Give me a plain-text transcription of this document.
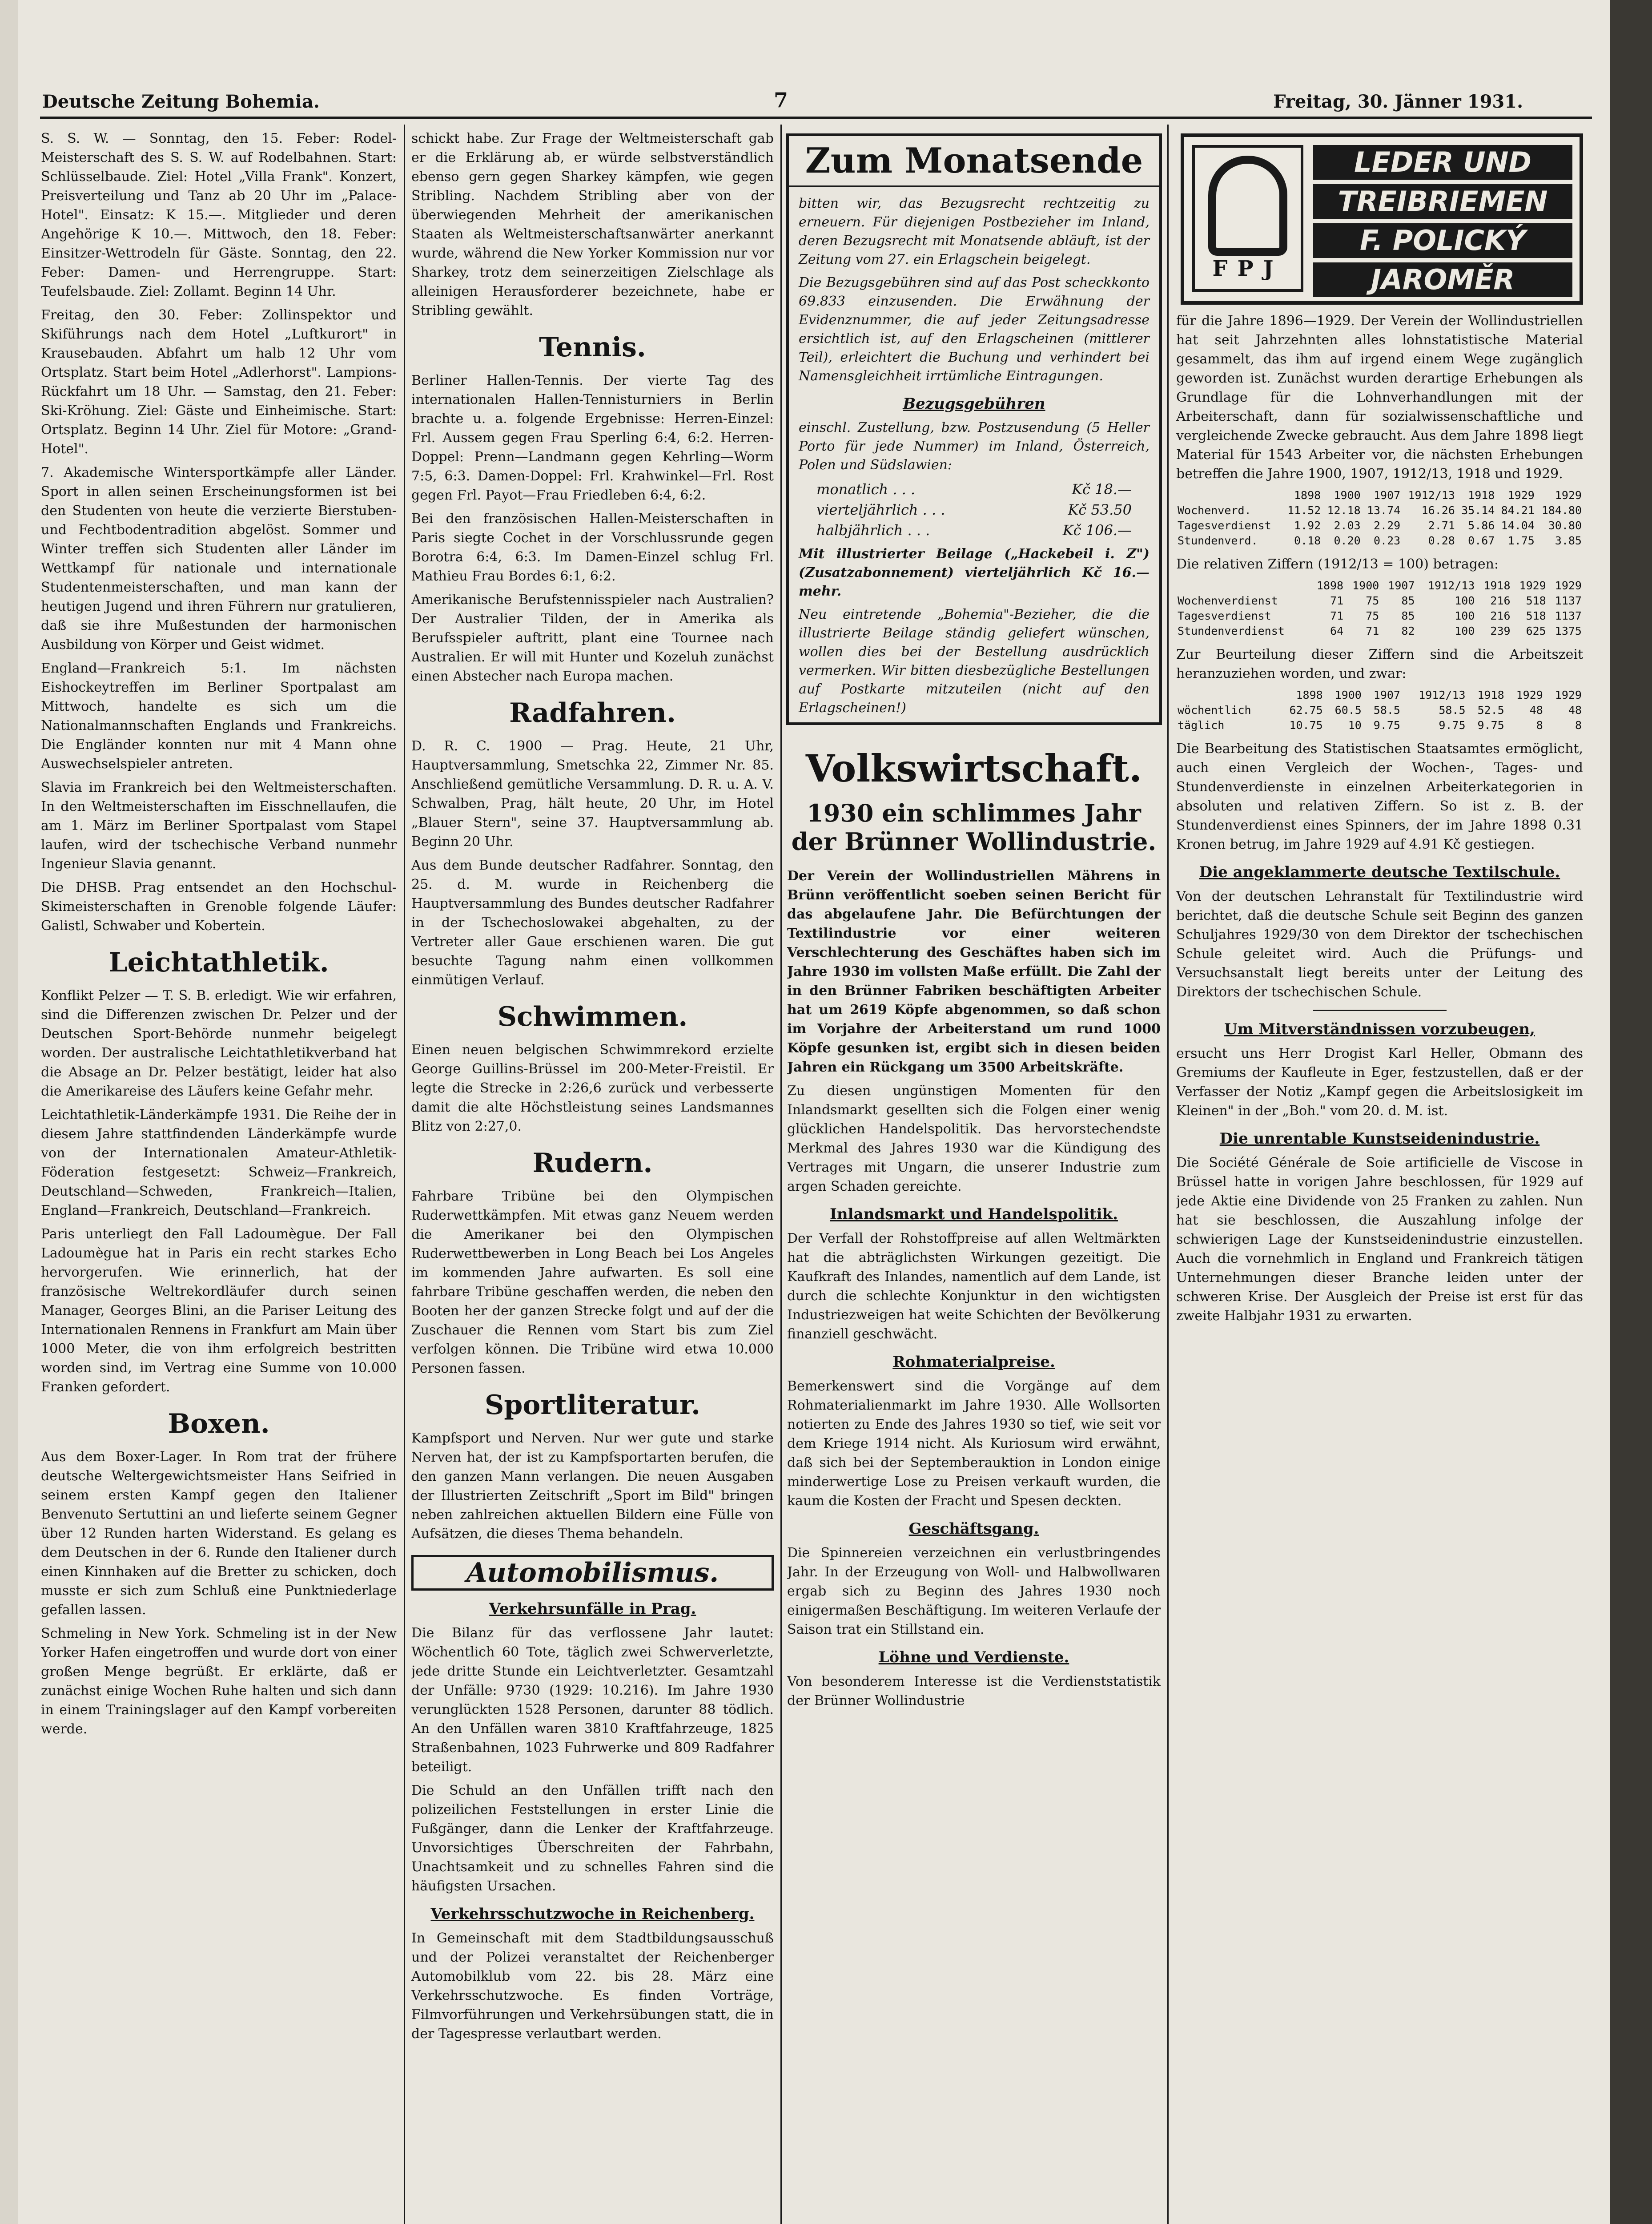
Deutsche Zeitung Bohemia.	7	Freitag, 30. Jänner 1931.

S. S. W. — Sonntag, den 15. Feber: Rodel-Meisterschaft des S. S. W. auf Rodelbahnen. Start: Schlüsselbaude. Ziel: Hotel „Villa Frank". Konzert, Preisverteilung und Tanz ab 20 Uhr im „Palace-Hotel". Einsatz: K 15.—. Mitglieder und deren Angehörige K 10.—. Mittwoch, den 18. Feber: Einsitzer-Wettrodeln für Gäste. Sonntag, den 22. Feber: Damen- und Herrengruppe. Start: Teufelsbaude. Ziel: Zollamt. Beginn 14 Uhr.

Freitag, den 30. Feber: Zollinspektor und Skiführungs nach dem Hotel „Luftkurort" in Krausebauden. Abfahrt um halb 12 Uhr vom Ortsplatz. Start beim Hotel „Adlerhorst". Lampions-Rückfahrt um 18 Uhr. — Samstag, den 21. Feber: Ski-Kröhung. Ziel: Gäste und Einheimische. Start: Ortsplatz. Beginn 14 Uhr. Ziel für Motore: „Grand-Hotel".

7. Akademische Wintersportkämpfe aller Länder. Sport in allen seinen Erscheinungsformen ist bei den Studenten von heute die verzierte Bierstuben- und Fechtbodentradition abgelöst. Sommer und Winter treffen sich Studenten aller Länder im Wettkampf für nationale und internationale Studentenmeisterschaften, und man kann der heutigen Jugend und ihren Führern nur gratulieren, daß sie ihre Mußestunden der harmonischen Ausbildung von Körper und Geist widmet.

England—Frankreich 5:1. Im nächsten Eishockeytreffen im Berliner Sportpalast am Mittwoch, handelte es sich um die Nationalmannschaften Englands und Frankreichs. Die Engländer konnten nur mit 4 Mann ohne Auswechselspieler antreten.

Slavia im Frankreich bei den Weltmeisterschaften. In den Weltmeisterschaften im Eisschnellaufen, die am 1. März im Berliner Sportpalast vom Stapel laufen, wird der tschechische Verband nunmehr Ingenieur Slavia genannt.

Die DHSB. Prag entsendet an den Hochschul-Skimeisterschaften in Grenoble folgende Läufer: Galistl, Schwaber und Kobertein.

Leichtathletik.

Konflikt Pelzer — T. S. B. erledigt. Wie wir erfahren, sind die Differenzen zwischen Dr. Pelzer und der Deutschen Sport-Behörde nunmehr beigelegt worden. Der australische Leichtathletikverband hat die Absage an Dr. Pelzer bestätigt, leider hat also die Amerikareise des Läufers keine Gefahr mehr.

Leichtathletik-Länderkämpfe 1931. Die Reihe der in diesem Jahre stattfindenden Länderkämpfe wurde von der Internationalen Amateur-Athletik-Föderation festgesetzt: Schweiz—Frankreich, Deutschland—Schweden, Frankreich—Italien, England—Frankreich, Deutschland—Frankreich.

Paris unterliegt den Fall Ladoumègue. Der Fall Ladoumègue hat in Paris ein recht starkes Echo hervorgerufen. Wie erinnerlich, hat der französische Weltrekordläufer durch seinen Manager, Georges Blini, an die Pariser Leitung des Internationalen Rennens in Frankfurt am Main über 1000 Meter, die von ihm erfolgreich bestritten worden sind, im Vertrag eine Summe von 10.000 Franken gefordert.

Boxen.

Aus dem Boxer-Lager. In Rom trat der frühere deutsche Weltergewichtsmeister Hans Seifried in seinem ersten Kampf gegen den Italiener Benvenuto Sertuttini an und lieferte seinem Gegner über 12 Runden harten Widerstand. Es gelang es dem Deutschen in der 6. Runde den Italiener durch einen Kinnhaken auf die Bretter zu schicken, doch musste er sich zum Schluß eine Punktniederlage gefallen lassen.

Schmeling in New York. Schmeling ist in der New Yorker Hafen eingetroffen und wurde dort von einer großen Menge begrüßt. Er erklärte, daß er zunächst einige Wochen Ruhe halten und sich dann in einem Trainingslager auf den Kampf vorbereiten werde.

schickt habe. Zur Frage der Weltmeisterschaft gab er die Erklärung ab, er würde selbstverständlich ebenso gern gegen Sharkey kämpfen, wie gegen Stribling. Nachdem Stribling aber von der überwiegenden Mehrheit der amerikanischen Staaten als Weltmeisterschaftsanwärter anerkannt wurde, während die New Yorker Kommission nur vor Sharkey, trotz dem seinerzeitigen Zielschlage als alleinigen Herausforderer bezeichnete, habe er Stribling gewählt.

Tennis.

Berliner Hallen-Tennis. Der vierte Tag des internationalen Hallen-Tennisturniers in Berlin brachte u. a. folgende Ergebnisse: Herren-Einzel: Frl. Aussem gegen Frau Sperling 6:4, 6:2. Herren-Doppel: Prenn—Landmann gegen Kehrling—Worm 7:5, 6:3. Damen-Doppel: Frl. Krahwinkel—Frl. Rost gegen Frl. Payot—Frau Friedleben 6:4, 6:2.

Bei den französischen Hallen-Meisterschaften in Paris siegte Cochet in der Vorschlussrunde gegen Borotra 6:4, 6:3. Im Damen-Einzel schlug Frl. Mathieu Frau Bordes 6:1, 6:2.

Amerikanische Berufstennisspieler nach Australien? Der Australier Tilden, der in Amerika als Berufsspieler auftritt, plant eine Tournee nach Australien. Er will mit Hunter und Kozeluh zunächst einen Abstecher nach Europa machen.

Radfahren.

D. R. C. 1900 — Prag. Heute, 21 Uhr, Hauptversammlung, Smetschka 22, Zimmer Nr. 85. Anschließend gemütliche Versammlung. D. R. u. A. V. Schwalben, Prag, hält heute, 20 Uhr, im Hotel „Blauer Stern", seine 37. Hauptversammlung ab. Beginn 20 Uhr.

Aus dem Bunde deutscher Radfahrer. Sonntag, den 25. d. M. wurde in Reichenberg die Hauptversammlung des Bundes deutscher Radfahrer in der Tschechoslowakei abgehalten, zu der Vertreter aller Gaue erschienen waren. Die gut besuchte Tagung nahm einen vollkommen einmütigen Verlauf.

Schwimmen.

Einen neuen belgischen Schwimmrekord erzielte George Guillins-Brüssel im 200-Meter-Freistil. Er legte die Strecke in 2:26,6 zurück und verbesserte damit die alte Höchstleistung seines Landsmannes Blitz von 2:27,0.

Rudern.

Fahrbare Tribüne bei den Olympischen Ruderwettkämpfen. Mit etwas ganz Neuem werden die Amerikaner bei den Olympischen Ruderwettbewerben in Long Beach bei Los Angeles im kommenden Jahre aufwarten. Es soll eine fahrbare Tribüne geschaffen werden, die neben den Booten her der ganzen Strecke folgt und auf der die Zuschauer die Rennen vom Start bis zum Ziel verfolgen können. Die Tribüne wird etwa 10.000 Personen fassen.

Sportliteratur.

Kampfsport und Nerven. Nur wer gute und starke Nerven hat, der ist zu Kampfsportarten berufen, die den ganzen Mann verlangen. Die neuen Ausgaben der Illustrierten Zeitschrift „Sport im Bild" bringen neben zahlreichen aktuellen Bildern eine Fülle von Aufsätzen, die dieses Thema behandeln.

Automobilismus.
Verkehrsunfälle in Prag.

Die Bilanz für das verflossene Jahr lautet: Wöchentlich 60 Tote, täglich zwei Schwerverletzte, jede dritte Stunde ein Leichtverletzter. Gesamtzahl der Unfälle: 9730 (1929: 10.216). Im Jahre 1930 verunglückten 1528 Personen, darunter 88 tödlich. An den Unfällen waren 3810 Kraftfahrzeuge, 1825 Straßenbahnen, 1023 Fuhrwerke und 809 Radfahrer beteiligt.

Die Schuld an den Unfällen trifft nach den polizeilichen Feststellungen in erster Linie die Fußgänger, dann die Lenker der Kraftfahrzeuge. Unvorsichtiges Überschreiten der Fahrbahn, Unachtsamkeit und zu schnelles Fahren sind die häufigsten Ursachen.

Verkehrsschutzwoche in Reichenberg.

In Gemeinschaft mit dem Stadtbildungsausschuß und der Polizei veranstaltet der Reichenberger Automobilklub vom 22. bis 28. März eine Verkehrsschutzwoche. Es finden Vorträge, Filmvorführungen und Verkehrsübungen statt, die in der Tagespresse verlautbart werden.

Zum Monatsende

bitten wir, das Bezugsrecht rechtzeitig zu erneuern. Für diejenigen Postbezieher im Inland, deren Bezugsrecht mit Monatsende abläuft, ist der Zeitung vom 27. ein Erlagschein beigelegt.

Die Bezugsgebühren sind auf das Post scheckkonto 69.833 einzusenden. Die Erwähnung der Evidenznummer, die auf jeder Zeitungsadresse ersichtlich ist, auf den Erlagscheinen (mittlerer Teil), erleichtert die Buchung und verhindert bei Namensgleichheit irrtümliche Eintragungen.

Bezugsgebühren

einschl. Zustellung, bzw. Postzusendung (5 Heller Porto für jede Nummer) im Inland, Österreich, Polen und Südslawien:

monatlich . . .	Kč 18.—
vierteljährlich . . .	Kč 53.50
halbjährlich . . .	Kč 106.—

Mit illustrierter Beilage („Hackebeil i. Z") (Zusatzabonnement) vierteljährlich Kč 16.— mehr.

Neu eintretende „Bohemia"-Bezieher, die die illustrierte Beilage ständig geliefert wünschen, wollen dies bei der Bestellung ausdrücklich vermerken. Wir bitten diesbezügliche Bestellungen auf Postkarte mitzuteilen (nicht auf den Erlagscheinen!)

Volkswirtschaft.
1930 ein schlimmes Jahr der Brünner Wollindustrie.

Der Verein der Wollindustriellen Mährens in Brünn veröffentlicht soeben seinen Bericht für das abgelaufene Jahr. Die Befürchtungen der Textilindustrie vor einer weiteren Verschlechterung des Geschäftes haben sich im Jahre 1930 im vollsten Maße erfüllt. Die Zahl der in den Brünner Fabriken beschäftigten Arbeiter hat um 2619 Köpfe abgenommen, so daß schon im Vorjahre der Arbeiterstand um rund 1000 Köpfe gesunken ist, ergibt sich in diesen beiden Jahren ein Rückgang um 3500 Arbeitskräfte.

Zu diesen ungünstigen Momenten für den Inlandsmarkt gesellten sich die Folgen einer wenig glücklichen Handelspolitik. Das hervorstechendste Merkmal des Jahres 1930 war die Kündigung des Vertrages mit Ungarn, die unserer Industrie zum argen Schaden gereichte.

Inlandsmarkt und Handelspolitik.

Der Verfall der Rohstoffpreise auf allen Weltmärkten hat die abträglichsten Wirkungen gezeitigt. Die Kaufkraft des Inlandes, namentlich auf dem Lande, ist durch die schlechte Konjunktur in den wichtigsten Industriezweigen hat weite Schichten der Bevölkerung finanziell geschwächt.

Rohmaterialpreise.

Bemerkenswert sind die Vorgänge auf dem Rohmaterialienmarkt im Jahre 1930. Alle Wollsorten notierten zu Ende des Jahres 1930 so tief, wie seit vor dem Kriege 1914 nicht. Als Kuriosum wird erwähnt, daß sich bei der Septemberauktion in London einige minderwertige Lose zu Preisen verkauft wurden, die kaum die Kosten der Fracht und Spesen deckten.

Geschäftsgang.

Die Spinnereien verzeichnen ein verlustbringendes Jahr. In der Erzeugung von Woll- und Halbwollwaren ergab sich zu Beginn des Jahres 1930 noch einigermaßen Beschäftigung. Im weiteren Verlaufe der Saison trat ein Stillstand ein.

Löhne und Verdienste.

Von besonderem Interesse ist die Verdienststatistik der Brünner Wollindustrie

FPJ
LEDER UND
TREIBRIEMEN
F. POLICKÝ
JAROMĚR

für die Jahre 1896—1929. Der Verein der Wollindustriellen hat seit Jahrzehnten alles lohnstatistische Material gesammelt, das ihm auf irgend einem Wege zugänglich geworden ist. Zunächst wurden derartige Erhebungen als Grundlage für die Lohnverhandlungen mit der Arbeiterschaft, dann für sozialwissenschaftliche und vergleichende Zwecke gebraucht. Aus dem Jahre 1898 liegt Material für 1543 Arbeiter vor, die nächsten Erhebungen betreffen die Jahre 1900, 1907, 1912/13, 1918 und 1929.

	1898	1900	1907	1912/13	1918	1929	1929
Wochenverd.	11.52	12.18	13.74	16.26	35.14	84.21	184.80
Tagesverdienst	1.92	2.03	2.29	2.71	5.86	14.04	30.80
Stundenverd.	0.18	0.20	0.23	0.28	0.67	1.75	3.85

Die relativen Ziffern (1912/13 = 100) betragen:

	1898	1900	1907	1912/13	1918	1929	1929
Wochenverdienst	71	75	85	100	216	518	1137
Tagesverdienst	71	75	85	100	216	518	1137
Stundenverdienst	64	71	82	100	239	625	1375

Zur Beurteilung dieser Ziffern sind die Arbeitszeit heranzuziehen worden, und zwar:

	1898	1900	1907	1912/13	1918	1929	1929
wöchentlich	62.75	60.5	58.5	58.5	52.5	48	48
täglich	10.75	10	9.75	9.75	9.75	8	8

Die Bearbeitung des Statistischen Staatsamtes ermöglicht, auch einen Vergleich der Wochen-, Tages- und Stundenverdienste in einzelnen Arbeiterkategorien in absoluten und relativen Ziffern. So ist z. B. der Stundenverdienst eines Spinners, der im Jahre 1898 0.31 Kronen betrug, im Jahre 1929 auf 4.91 Kč gestiegen.

Die angeklammerte deutsche Textilschule.

Von der deutschen Lehranstalt für Textilindustrie wird berichtet, daß die deutsche Schule seit Beginn des ganzen Schuljahres 1929/30 von dem Direktor der tschechischen Schule geleitet wird. Auch die Prüfungs- und Versuchsanstalt liegt bereits unter der Leitung des Direktors der tschechischen Schule.

Um Mitverständnissen vorzubeugen,

ersucht uns Herr Drogist Karl Heller, Obmann des Gremiums der Kaufleute in Eger, festzustellen, daß er der Verfasser der Notiz „Kampf gegen die Arbeitslosigkeit im Kleinen" in der „Boh." vom 20. d. M. ist.

Die unrentable Kunstseidenindustrie.

Die Société Générale de Soie artificielle de Viscose in Brüssel hatte in vorigen Jahre beschlossen, für 1929 auf jede Aktie eine Dividende von 25 Franken zu zahlen. Nun hat sie beschlossen, die Auszahlung infolge der schwierigen Lage der Kunstseidenindustrie einzustellen. Auch die vornehmlich in England und Frankreich tätigen Unternehmungen dieser Branche leiden unter der schweren Krise. Der Ausgleich der Preise ist erst für das zweite Halbjahr 1931 zu erwarten.
